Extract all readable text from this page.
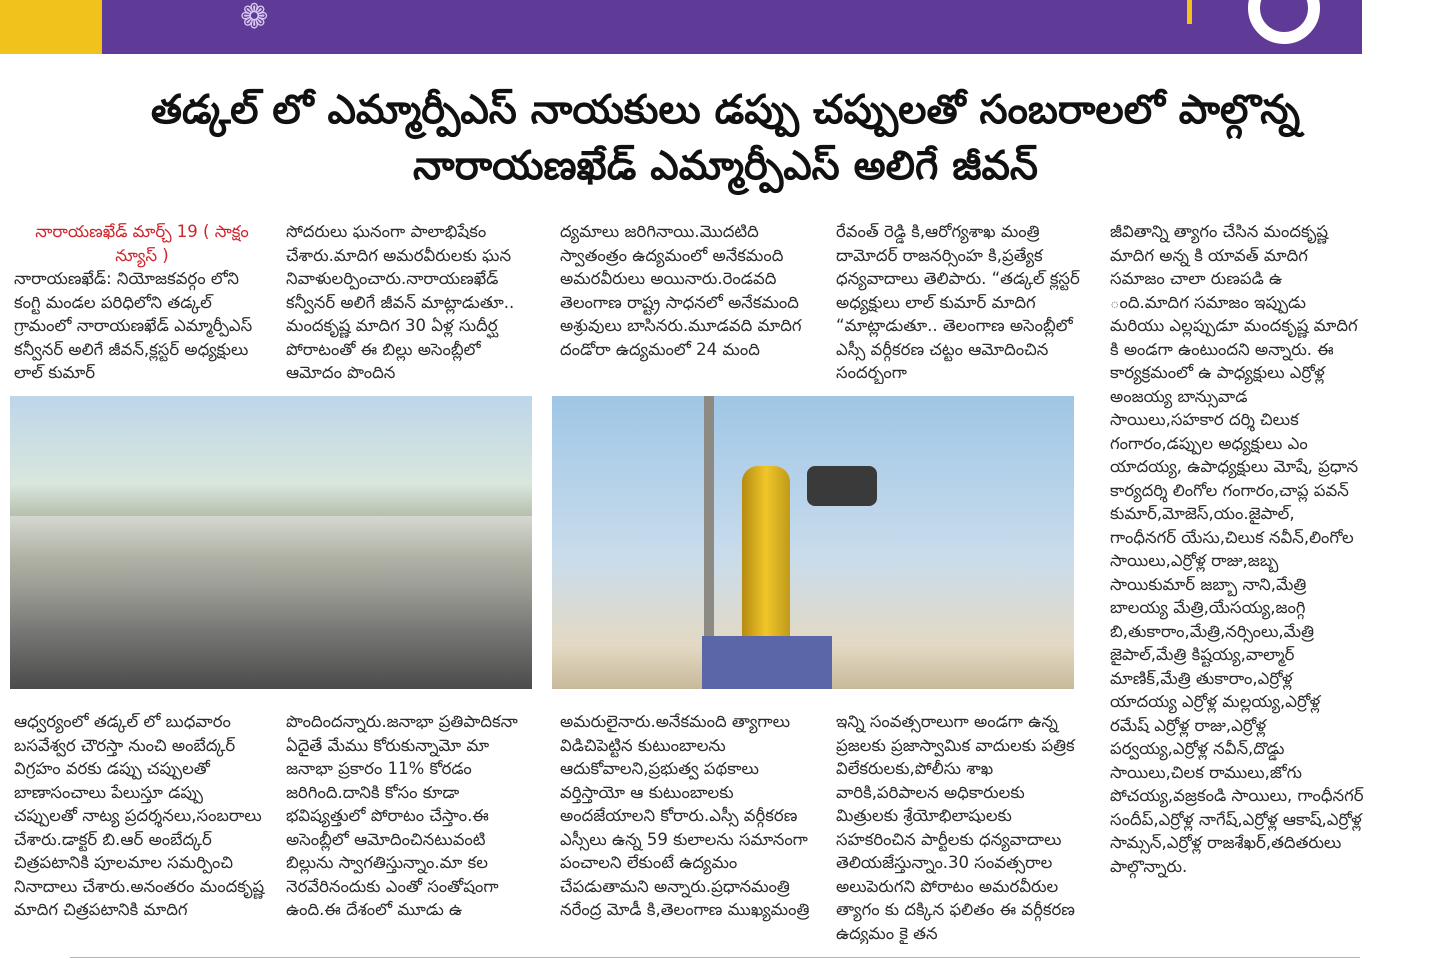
❁
తడ్కల్ లో ఎమ్మార్పీఎస్ నాయకులు డప్పు చప్పులతో సంబరాలలో పాల్గొన్న
నారాయణఖేడ్ ఎమ్మార్పీఎస్ అలిగే జీవన్

నారాయణఖేడ్ మార్చ్ 19 ( సాక్షం న్యూస్ )

నారాయణఖేడ్: నియోజకవర్గం లోని కంగ్టి మండల పరిధిలోని తడ్కల్ గ్రామంలో నారాయణఖేడ్ ఎమ్మార్పీఎస్ కన్వీనర్ అలిగే జీవన్,క్లస్టర్ అధ్యక్షులు లాల్ కుమార్

సోదరులు ఘనంగా పాలాభిషేకం చేశారు.మాదిగ అమరవీరులకు ఘన నివాళులర్పించారు.నారాయణఖేడ్ కన్వీనర్ అలిగే జీవన్ మాట్లాడుతూ.. మందకృష్ణ మాదిగ 30 ఏళ్ల సుదీర్ఘ పోరాటంతో ఈ బిల్లు అసెంబ్లీలో ఆమోదం పొందిన

ద్యమాలు జరిగినాయి.మొదటిది స్వాతంత్రం ఉద్యమంలో అనేకమంది అమరవీరులు అయినారు.రెండవది తెలంగాణ రాష్ట్ర సాధనలో అనేకమంది అశ్రువులు బాసినరు.మూడవది మాదిగ దండోరా ఉద్యమంలో 24 మంది

రేవంత్ రెడ్డి కి,ఆరోగ్యశాఖ మంత్రి దామోదర్ రాజనర్సింహ కి,ప్రత్యేక ధన్యవాదాలు తెలిపారు. “తడ్కల్ క్లస్టర్ అధ్యక్షులు లాల్ కుమార్ మాదిగ “మాట్లాడుతూ.. తెలంగాణ అసెంబ్లీలో ఎస్సీ వర్గీకరణ చట్టం ఆమోదించిన సందర్భంగా

జీవితాన్ని త్యాగం చేసిన మందకృష్ణ మాదిగ అన్న కి యావత్ మాదిగ సమాజం చాలా రుణపడి ఉ ంది.మాదిగ సమాజం ఇప్పుడు మరియు ఎల్లప్పుడూ మందకృష్ణ మాదిగ కి అండగా ఉంటుందని అన్నారు. ఈ కార్యక్రమంలో ఉ పాధ్యక్షులు ఎర్రోళ్ల అంజయ్య బాన్సువాడ సాయిలు,సహకార దర్శి చిలుక గంగారం,డప్పుల అధ్యక్షులు ఎం యాదయ్య, ఉపాధ్యక్షులు మోషే, ప్రధాన కార్యదర్శి లింగోల గంగారం,చాప్ల పవన్ కుమార్,మోజెస్,యం.జైపాల్, గాంధీనగర్ యేసు,చిలుక నవీన్,లింగోల సాయిలు,ఎర్రోళ్ల రాజు,జబ్బ సాయికుమార్ జబ్బా నాని,మేత్రి బాలయ్య మేత్రి,యేసయ్య,జంగ్గి బి,తుకారాం,మేత్రి,నర్సింలు,మేత్రి జైపాల్,మేత్రి కిష్టయ్య,వాల్మార్ మాణిక్,మేత్రి తుకారాం,ఎర్రోళ్ల యాదయ్య ఎర్రోళ్ల మల్లయ్య,ఎర్రోళ్ల రమేష్ ఎర్రోళ్ల రాజు,ఎర్రోళ్ల పర్వయ్య,ఎర్రోళ్ల నవీన్,దొడ్డు సాయిలు,చిలక రాములు,జోగు పోచయ్య,వజ్రకండి సాయిలు, గాంధీనగర్ సందీప్,ఎర్రోళ్ల నాగేష్,ఎర్రోళ్ల ఆకాష్,ఎర్రోళ్ల సామ్సన్,ఎర్రోళ్ల రాజశేఖర్,తదితరులు పాల్గొన్నారు.

ఆధ్వర్యంలో తడ్కల్ లో బుధవారం బసవేశ్వర చౌరస్తా నుంచి అంబేద్కర్ విగ్రహం వరకు డప్పు చప్పులతో బాణాసంచాలు పేలుస్తూ డప్పు చప్పులతో నాట్య ప్రదర్శనలు,సంబరాలు చేశారు.డాక్టర్ బి.ఆర్ అంబేద్కర్ చిత్రపటానికి పూలమాల సమర్పించి నినాదాలు చేశారు.అనంతరం మందకృష్ణ మాదిగ చిత్రపటానికి మాదిగ

పొందిందన్నారు.జనాభా ప్రతిపాదికనా ఏదైతే మేము కోరుకున్నామో మా జనాభా ప్రకారం 11% కోరడం జరిగింది.దానికి కోసం కూడా భవిష్యత్తులో పోరాటం చేస్తాం.ఈ అసెంబ్లీలో ఆమోదించినటువంటి బిల్లును స్వాగతిస్తున్నాం.మా కల నెరవేరినందుకు ఎంతో సంతోషంగా ఉంది.ఈ దేశంలో మూడు ఉ

అమరులైనారు.అనేకమంది త్యాగాలు విడిచిపెట్టిన కుటుంబాలను ఆదుకోవాలని,ప్రభుత్వ పథకాలు వర్తిస్తాయో ఆ కుటుంబాలకు అందజేయాలని కోరారు.ఎస్సీ వర్గీకరణ ఎస్సీలు ఉన్న 59 కులాలను సమానంగా పంచాలని లేకుంటే ఉద్యమం చేపడుతామని అన్నారు.ప్రధానమంత్రి నరేంద్ర మోడీ కి,తెలంగాణ ముఖ్యమంత్రి

ఇన్ని సంవత్సరాలుగా అండగా ఉన్న ప్రజలకు ప్రజాస్వామిక వాదులకు పత్రిక విలేకరులకు,పోలీసు శాఖ వారికి,పరిపాలన అధికారులకు మిత్రులకు శ్రేయోభిలాషులకు సహకరించిన పార్టీలకు ధన్యవాదాలు తెలియజేస్తున్నాం.30 సంవత్సరాల అలుపెరుగని పోరాటం అమరవీరుల త్యాగం కు దక్కిన ఫలితం ఈ వర్గీకరణ ఉద్యమం కై తన
